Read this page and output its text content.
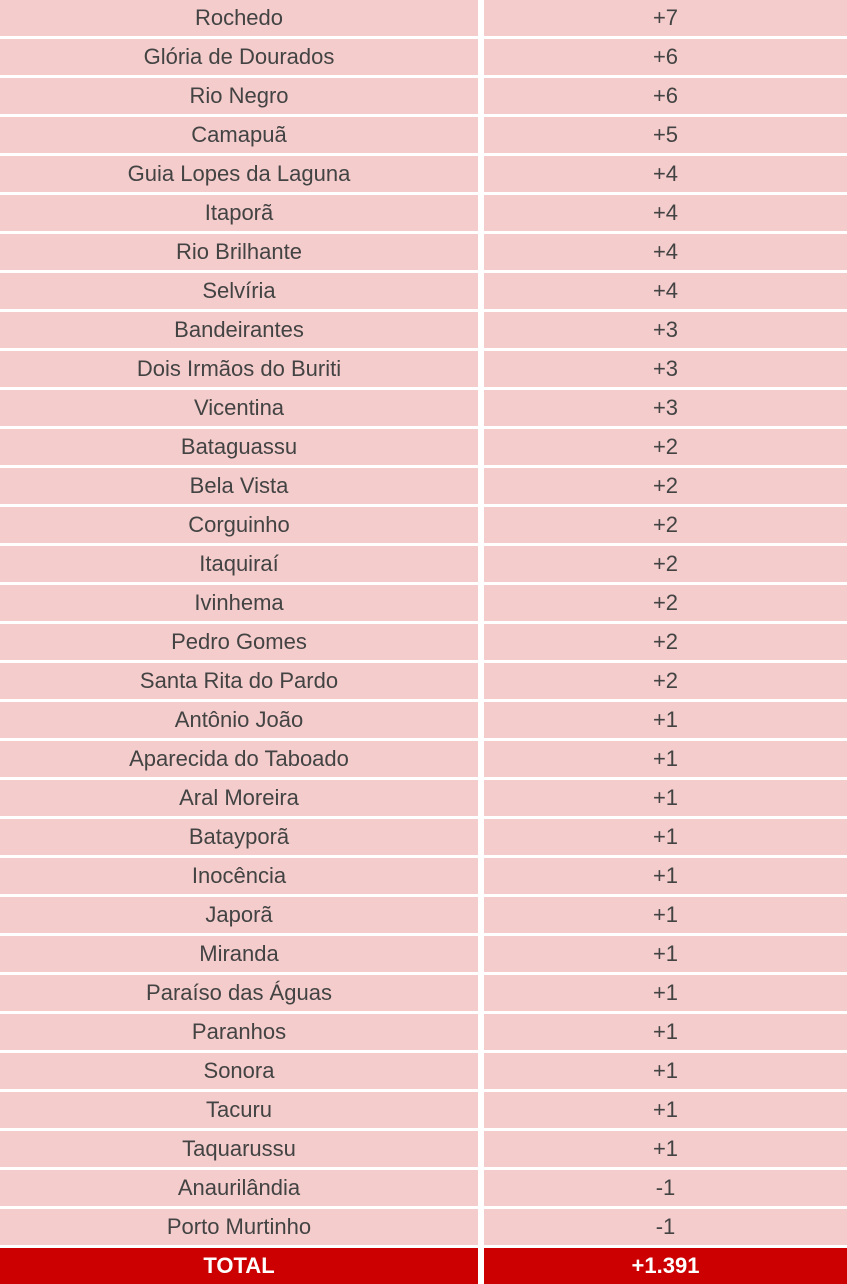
Rochedo	+7
Glória de Dourados	+6
Rio Negro	+6
Camapuã	+5
Guia Lopes da Laguna	+4
Itaporã	+4
Rio Brilhante	+4
Selvíria	+4
Bandeirantes	+3
Dois Irmãos do Buriti	+3
Vicentina	+3
Bataguassu	+2
Bela Vista	+2
Corguinho	+2
Itaquiraí	+2
Ivinhema	+2
Pedro Gomes	+2
Santa Rita do Pardo	+2
Antônio João	+1
Aparecida do Taboado	+1
Aral Moreira	+1
Batayporã	+1
Inocência	+1
Japorã	+1
Miranda	+1
Paraíso das Águas	+1
Paranhos	+1
Sonora	+1
Tacuru	+1
Taquarussu	+1
Anaurilândia	-1
Porto Murtinho	-1
TOTAL	+1.391
